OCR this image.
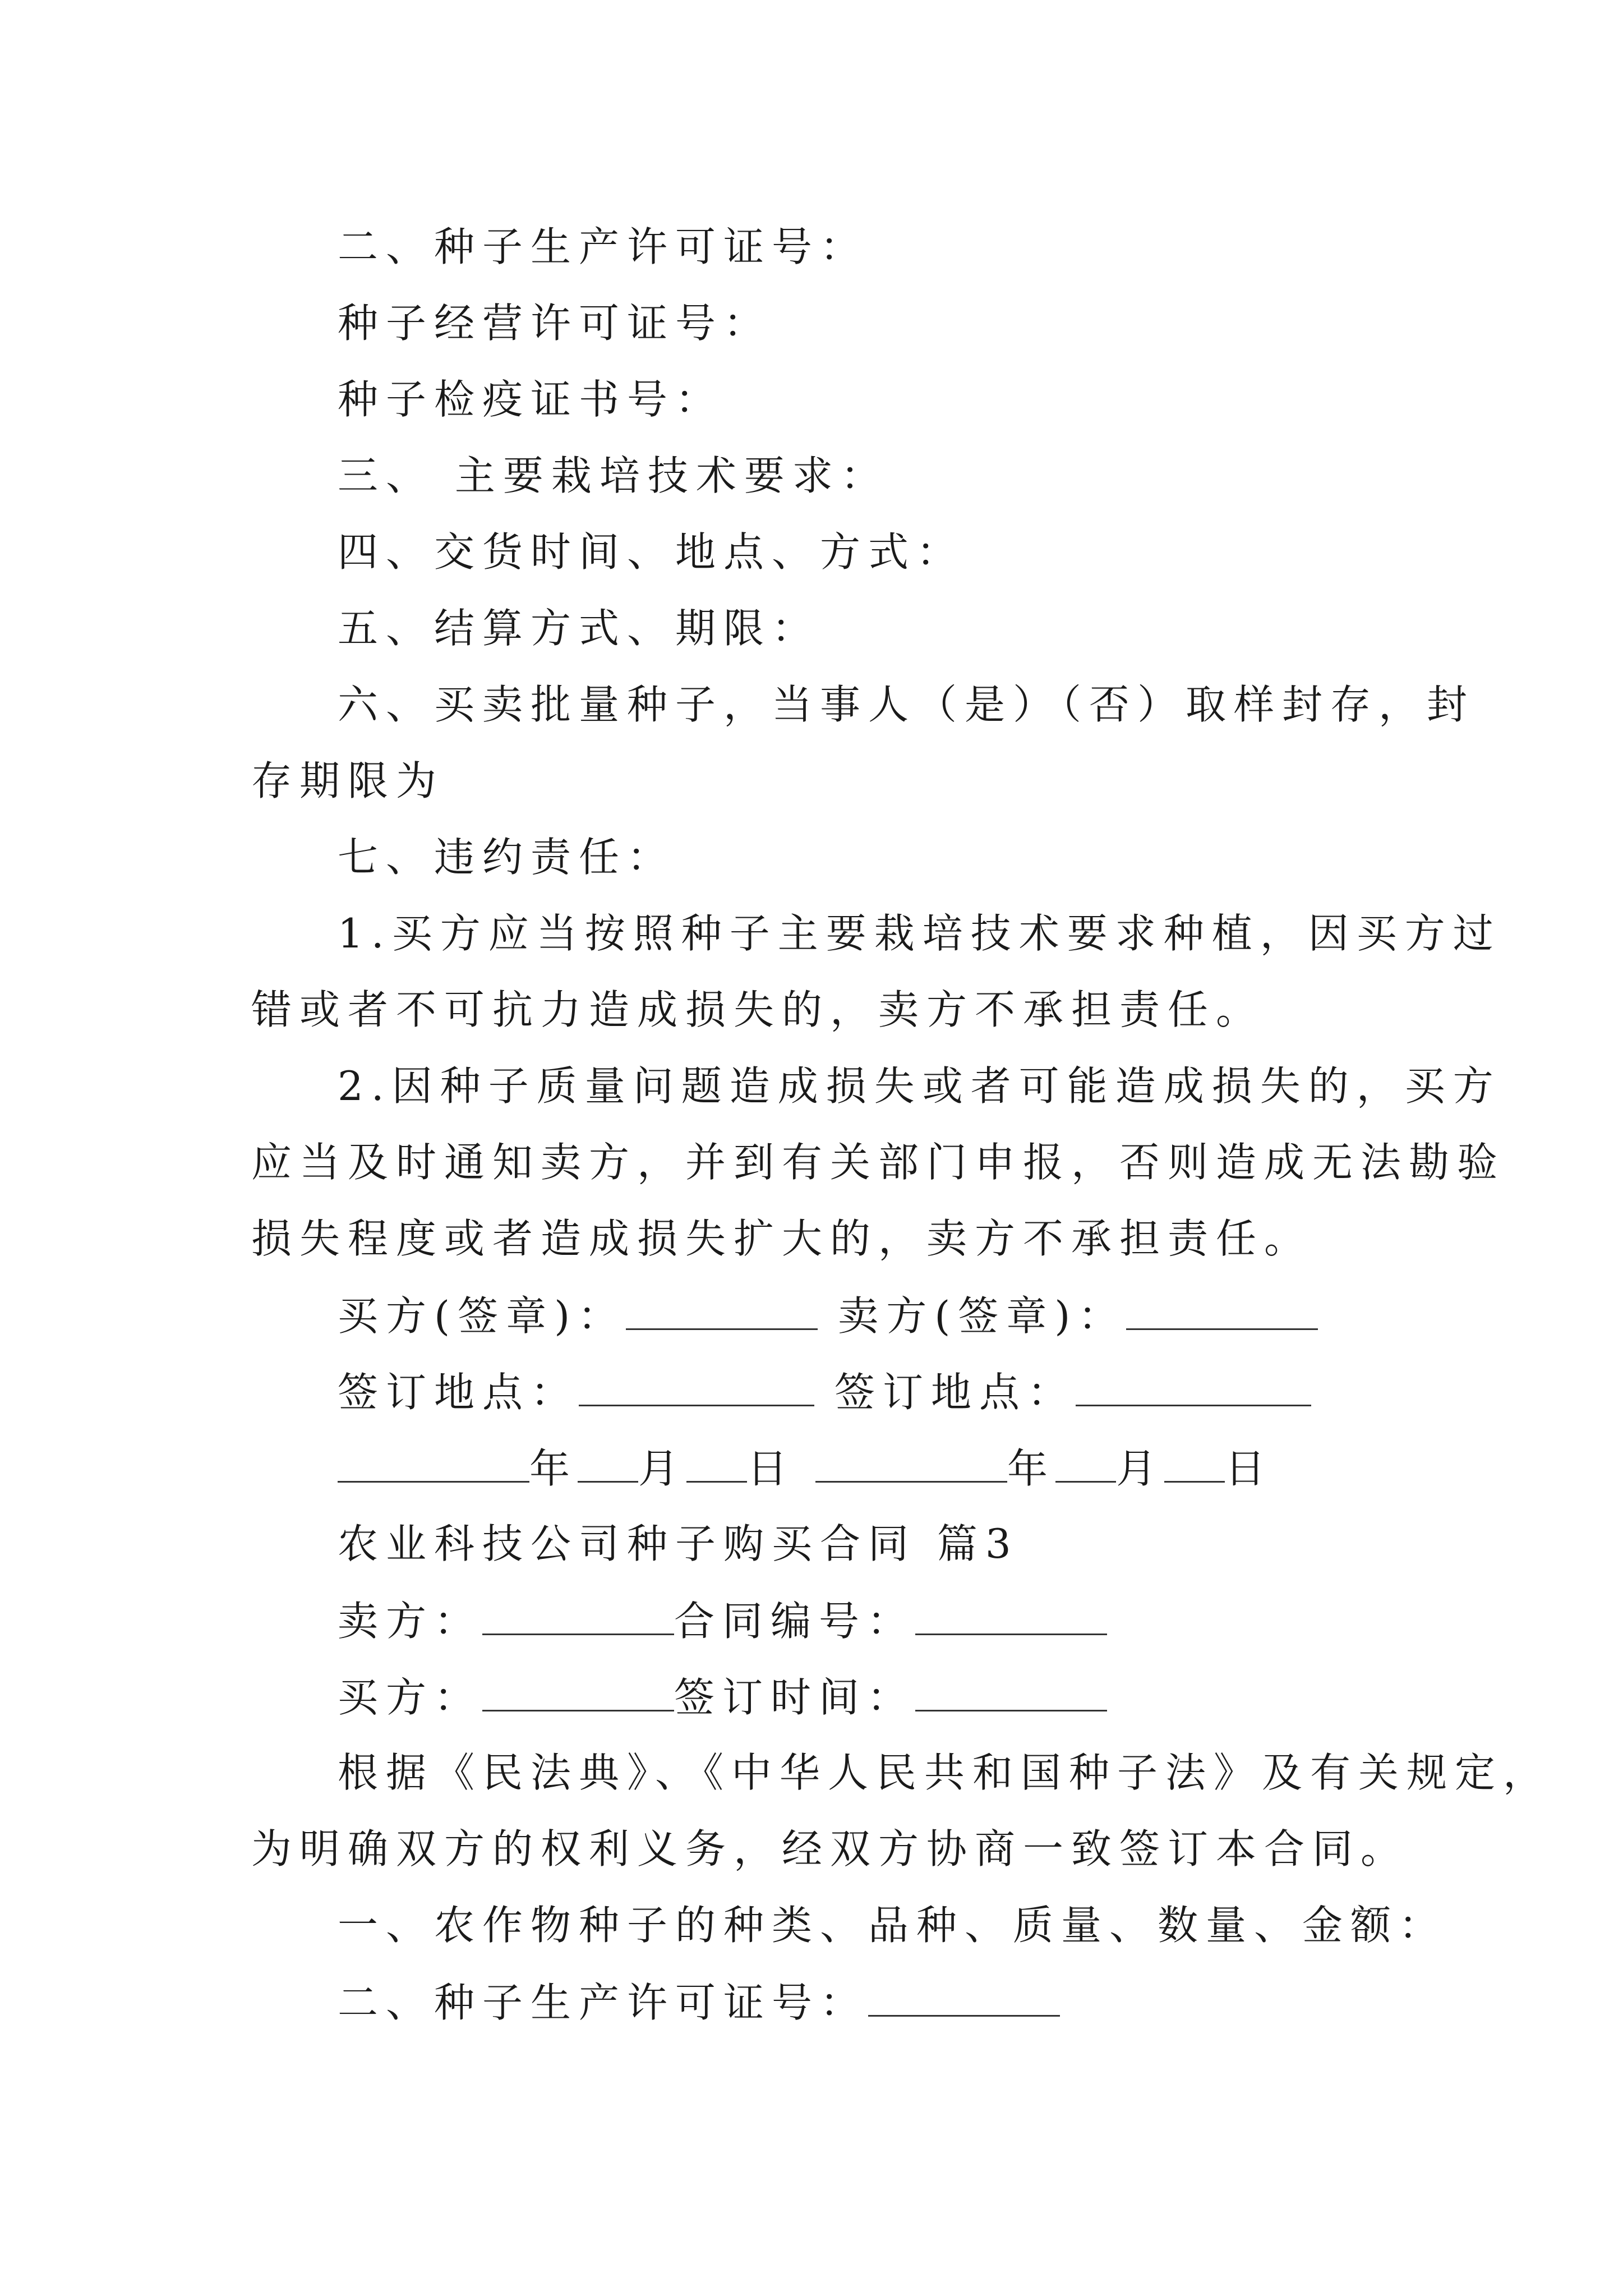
二、种子生产许可证号：
种子经营许可证号：
种子检疫证书号：
三、 主要栽培技术要求：
四、交货时间、地点、方式：
五、结算方式、期限：
六、买卖批量种子，当事人（是）（否）取样封存，封
存期限为
七、违约责任：
1.买方应当按照种子主要栽培技术要求种植，因买方过
错或者不可抗力造成损失的，卖方不承担责任。
2.因种子质量问题造成损失或者可能造成损失的，买方
应当及时通知卖方，并到有关部门申报，否则造成无法勘验
损失程度或者造成损失扩大的，卖方不承担责任。
买方(签章)：	卖方(签章)：
签订地点：	签订地点：
年 月 日	年 月 日
农业科技公司种子购买合同 篇3
卖方：	合同编号：
买方：	签订时间：
根据《民法典》、《中华人民共和国种子法》及有关规定，
为明确双方的权利义务，经双方协商一致签订本合同。
一、农作物种子的种类、品种、质量、数量、金额：
二、种子生产许可证号：
